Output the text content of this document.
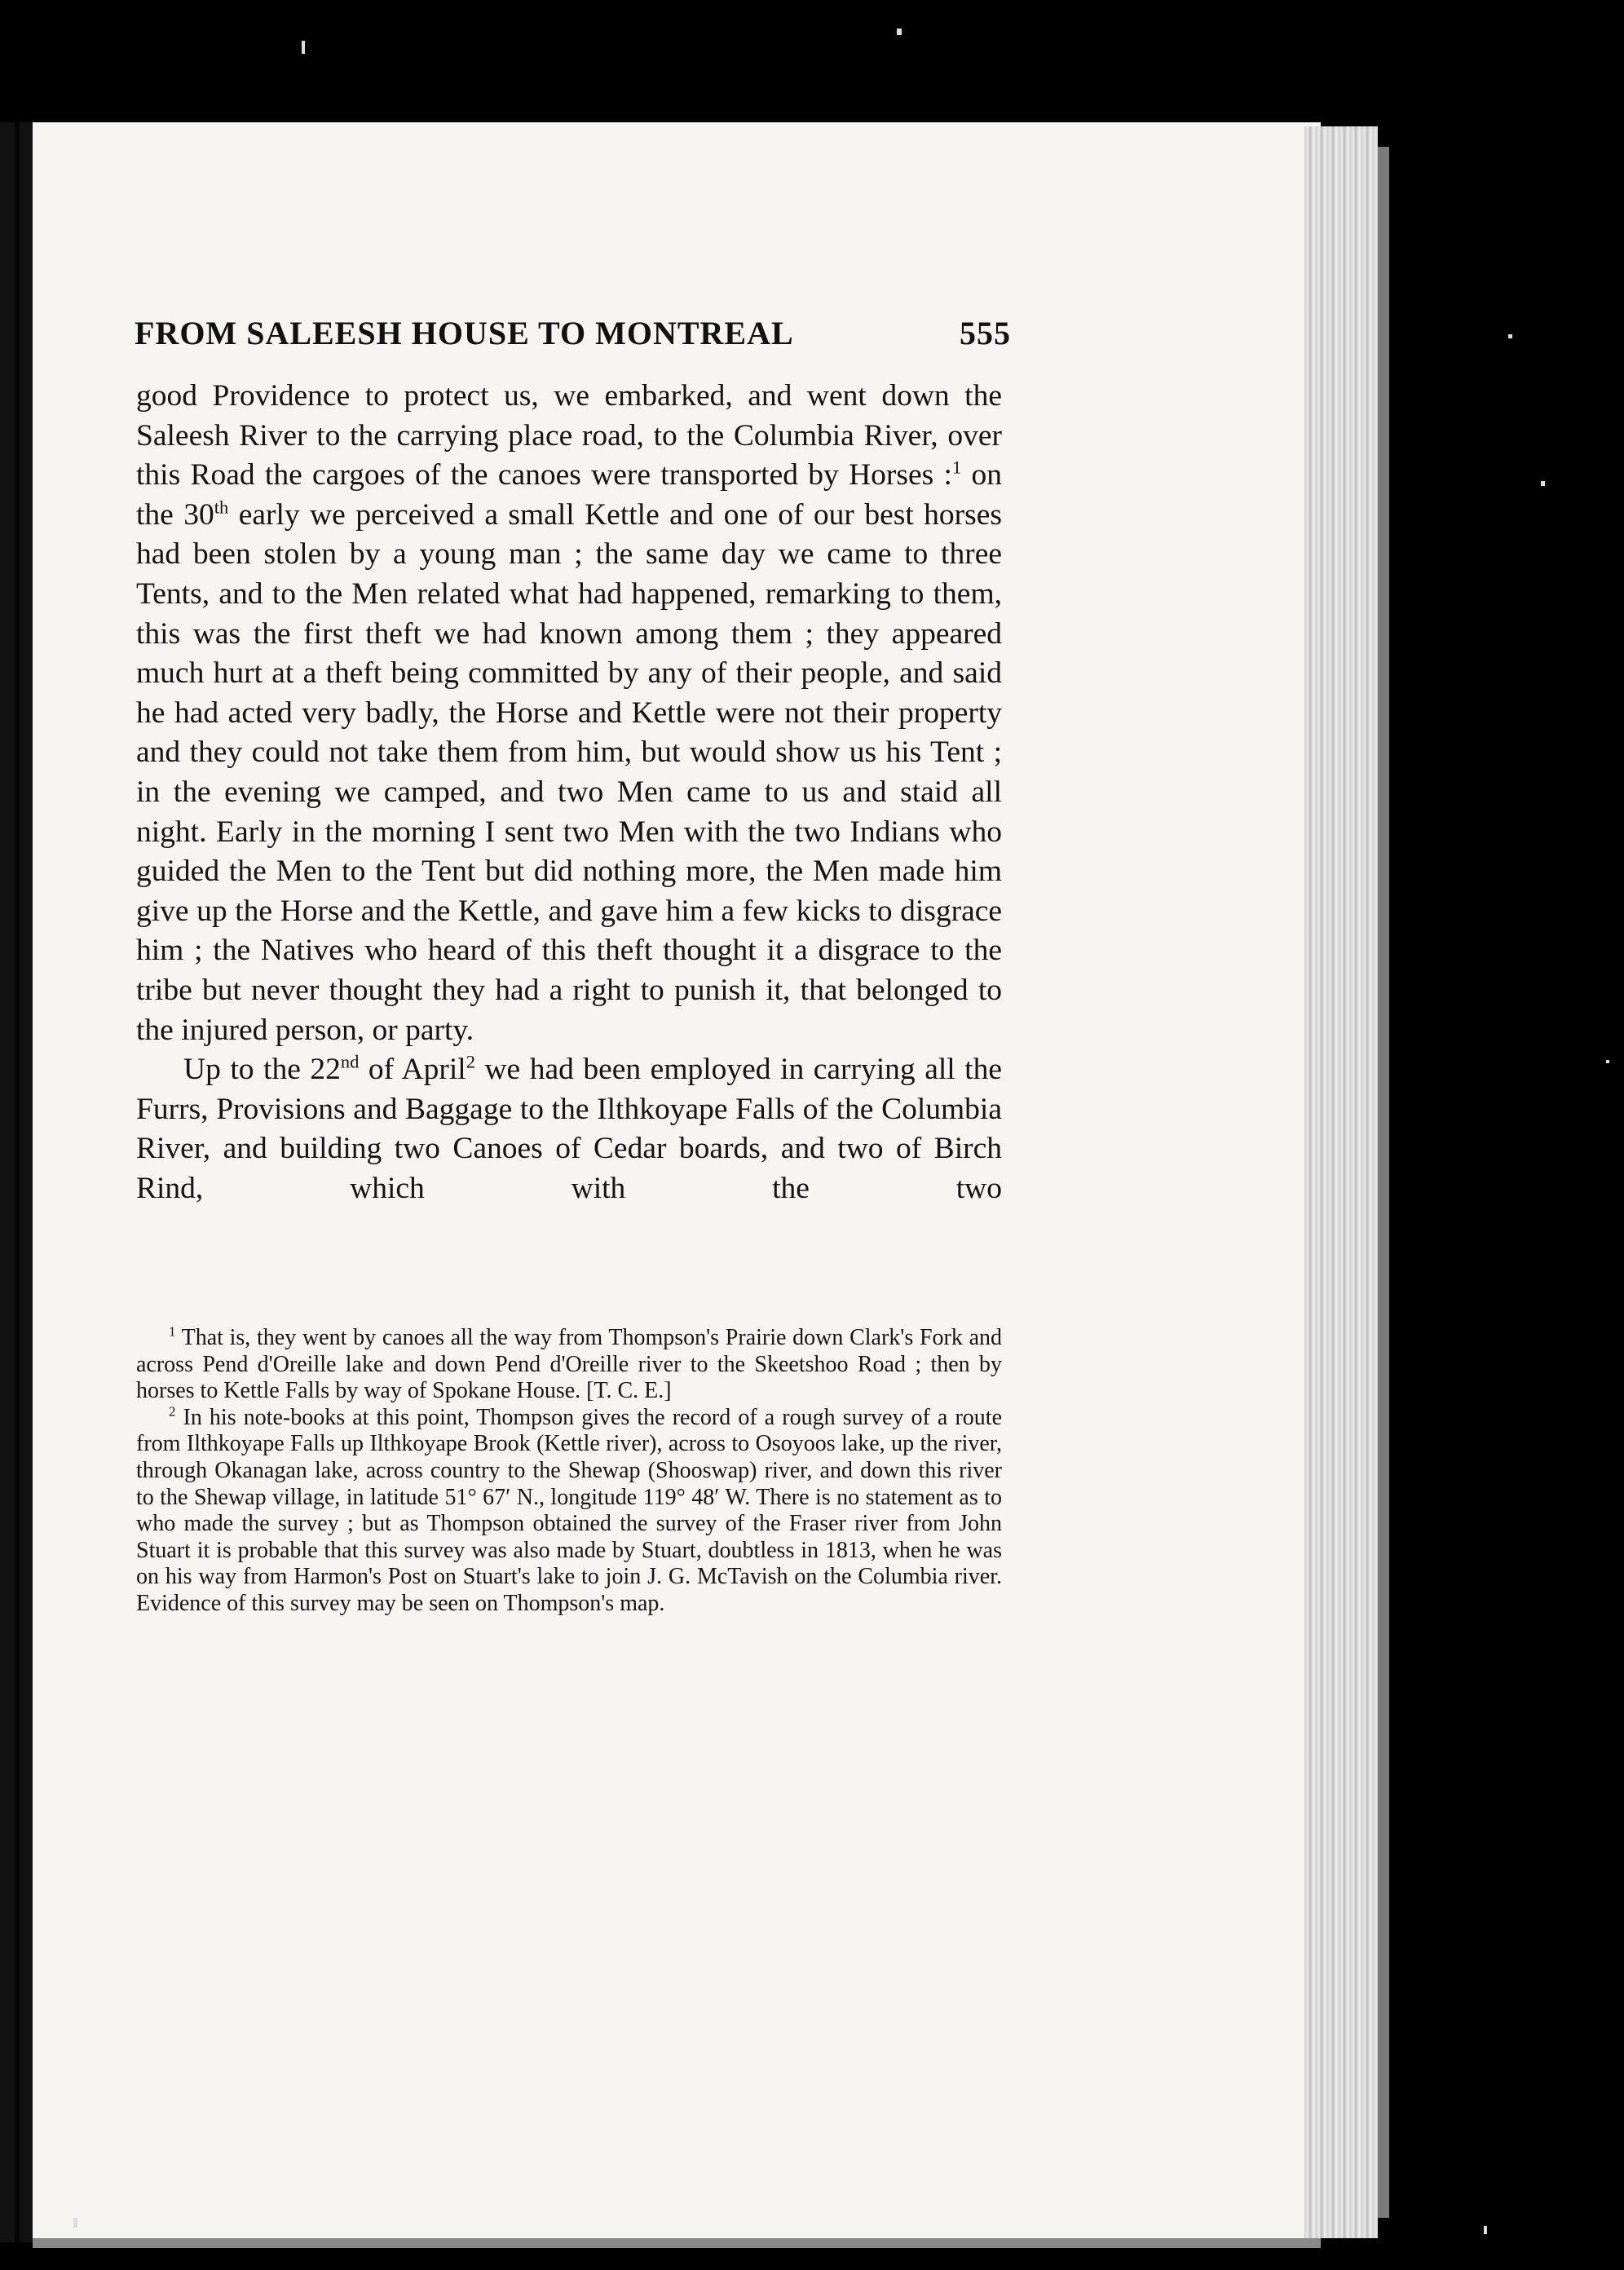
FROM SALEESH HOUSE TO MONTREAL	555

good Providence to protect us, we embarked, and went down the Saleesh River to the carrying place road, to the Columbia River, over this Road the cargoes of the canoes were transported by Horses :$^1$ on the 30th early we perceived a small Kettle and one of our best horses had been stolen by a young man ; the same day we came to three Tents, and to the Men related what had happened, remarking to them, this was the first theft we had known among them ; they appeared much hurt at a theft being committed by any of their people, and said he had acted very badly, the Horse and Kettle were not their property and they could not take them from him, but would show us his Tent ; in the evening we camped, and two Men came to us and staid all night. Early in the morning I sent two Men with the two Indians who guided the Men to the Tent but did nothing more, the Men made him give up the Horse and the Kettle, and gave him a few kicks to disgrace him ; the Natives who heard of this theft thought it a disgrace to the tribe but never thought they had a right to punish it, that belonged to the injured person, or party.

Up to the 22nd of April$^2$ we had been employed in carrying all the Furrs, Provisions and Baggage to the Ilthkoyape Falls of the Columbia River, and building two Canoes of Cedar boards, and two of Birch Rind, which with the two

$^1$ That is, they went by canoes all the way from Thompson's Prairie down Clark's Fork and across Pend d'Oreille lake and down Pend d'Oreille river to the Skeetshoo Road ; then by horses to Kettle Falls by way of Spokane House. [T. C. E.]

$^2$ In his note-books at this point, Thompson gives the record of a rough survey of a route from Ilthkoyape Falls up Ilthkoyape Brook (Kettle river), across to Osoyoos lake, up the river, through Okanagan lake, across country to the Shewap (Shooswap) river, and down this river to the Shewap village, in latitude 51° 67′ N., longitude 119° 48′ W. There is no statement as to who made the survey ; but as Thompson obtained the survey of the Fraser river from John Stuart it is probable that this survey was also made by Stuart, doubtless in 1813, when he was on his way from Harmon's Post on Stuart's lake to join J. G. McTavish on the Columbia river. Evidence of this survey may be seen on Thompson's map.
